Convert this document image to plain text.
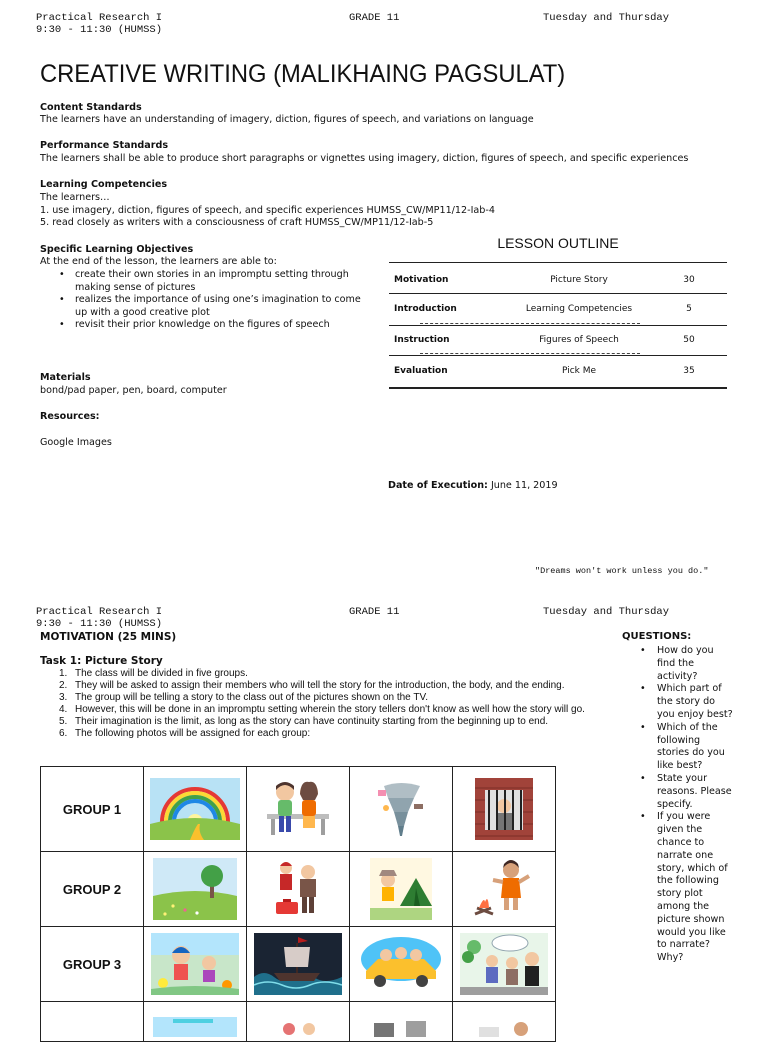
Practical Research I
9:30 - 11:30 (HUMSS)
GRADE 11	Tuesday and Thursday
CREATIVE WRITING (MALIKHAING PAGSULAT)
Content Standards
The learners have an understanding of imagery, diction, figures of speech, and variations on language
Performance Standards
The learners shall be able to produce short paragraphs or vignettes using imagery, diction, figures of speech, and specific experiences
Learning Competencies
The learners…
1. use imagery, diction, figures of speech, and specific experiences HUMSS_CW/MP11/12-Iab-4
5. read closely as writers with a consciousness of craft HUMSS_CW/MP11/12-Iab-5
Specific Learning Objectives
At the end of the lesson, the learners are able to:
• create their own stories in an impromptu setting through making sense of pictures
• realizes the importance of using one’s imagination to come up with a good creative plot
• revisit their prior knowledge on the figures of speech
Materials
bond/pad paper, pen, board, computer
Resources:
Google Images
LESSON OUTLINE
Motivation	Picture Story	30
Introduction	Learning Competencies	5
Instruction	Figures of Speech	50
Evaluation	Pick Me	35
Date of Execution: June 11, 2019
"Dreams won't work unless you do."
Practical Research I
9:30 - 11:30 (HUMSS)
GRADE 11	Tuesday and Thursday
MOTIVATION (25 MINS)
Task 1: Picture Story
1. The class will be divided in five groups.
2. They will be asked to assign their members who will tell the story for the introduction, the body, and the ending.
3. The group will be telling a story to the class out of the pictures shown on the TV.
4. However, this will be done in an impromptu setting wherein the story tellers don't know as well how the story will go.
5. Their imagination is the limit, as long as the story can have continuity starting from the beginning up to end.
6. The following photos will be assigned for each group:
QUESTIONS:
• How do you find the activity?
• Which part of the story do you enjoy best?
• Which of the following stories do you like best?
• State your reasons. Please specify.
• If you were given the chance to narrate one story, which of the following story plot among the picture shown would you like to narrate? Why?
GROUP 1	

GROUP 2	

GROUP 3	
